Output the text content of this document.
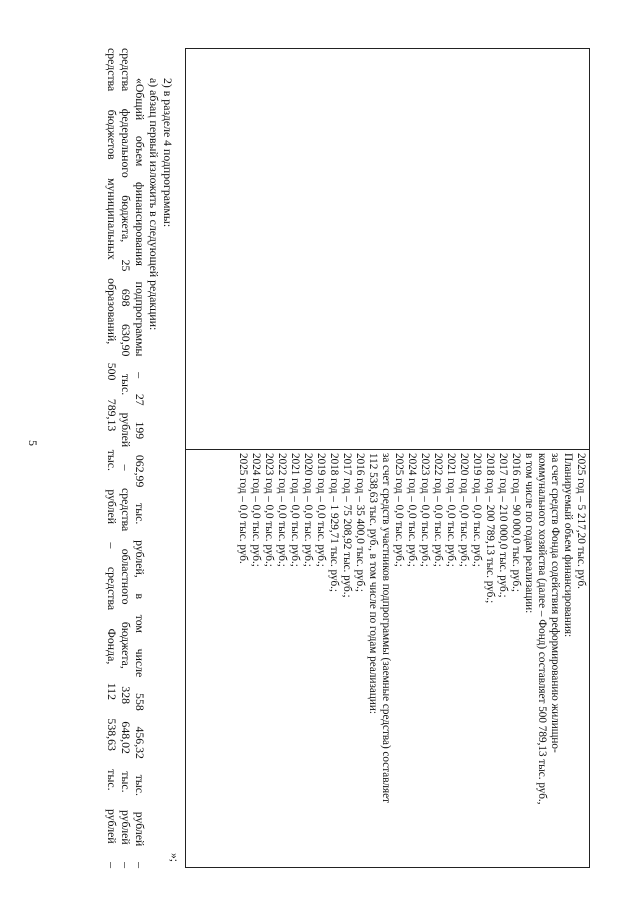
5
2025 год – 5 217,20 тыс. руб.
Планируемый объем финансирования:
за счет средств Фонда содействия реформированию жилищно-
коммунального хозяйства (далее – Фонд) составляет 500 789,13 тыс. руб.,
в том числе по годам реализации:
2016 год – 90 000,0 тыс. руб.;
2017 год – 210 000,0 тыс. руб.;
2018 год – 200 789,13 тыс. руб.;
2019 год – 0,0 тыс. руб.;
2020 год – 0,0 тыс. руб.;
2021 год – 0,0 тыс. руб.;
2022 год – 0,0 тыс. руб.;
2023 год – 0,0 тыс. руб.;
2024 год – 0,0 тыс. руб.;
2025 год – 0,0 тыс. руб.;
за счет средств участников подпрограммы (заемные средства) составляет
112 538,63 тыс. руб., в том числе по годам реализации:
2016 год – 35 400,0 тыс. руб.;
2017 год – 75 208,92 тыс. руб.;
2018 год – 1 929,71 тыс. руб.;
2019 год – 0,0 тыс. руб.;
2020 год – 0,0 тыс. руб.;
2021 год – 0,0 тыс. руб.;
2022 год – 0,0 тыс. руб.;
2023 год – 0,0 тыс. руб.;
2024 год – 0,0 тыс. руб.;
2025 год – 0,0 тыс. руб.
»;
2) в разделе 4 подпрограммы:
а) абзац первый изложить в следующей редакции:
«Общий объем финансирования подпрограммы – 27 199 062,99 тыс. рублей, в том числе 558 456,32 тыс. рублей –
средства федерального бюджета, 25 698 630,90 тыс. рублей – средства областного бюджета, 328 648,02 тыс. рублей –
средства бюджетов муниципальных образований, 500 789,13 тыс. рублей – средства Фонда, 112 538,63 тыс. рублей –
